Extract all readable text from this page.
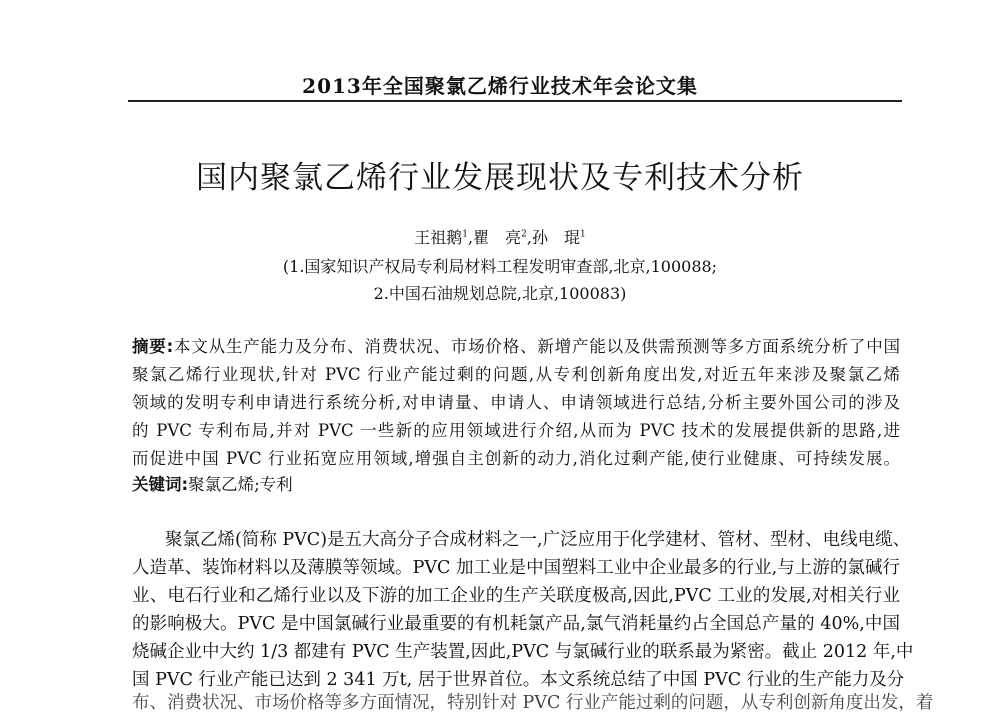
2013年全国聚氯乙烯行业技术年会论文集
国内聚氯乙烯行业发展现状及专利技术分析
王祖鹅$^1$,瞿　亮$^2$,孙　琨$^1$
(1.国家知识产权局专利局材料工程发明审查部,北京,100088;
2.中国石油规划总院,北京,100083)
摘要:本文从生产能力及分布、消费状况、市场价格、新增产能以及供需预测等多方面系统分析了中国
聚氯乙烯行业现状,针对 PVC 行业产能过剩的问题,从专利创新角度出发,对近五年来涉及聚氯乙烯
领域的发明专利申请进行系统分析,对申请量、申请人、申请领域进行总结,分析主要外国公司的涉及
的 PVC 专利布局,并对 PVC 一些新的应用领域进行介绍,从而为 PVC 技术的发展提供新的思路,进
而促进中国 PVC 行业拓宽应用领域,增强自主创新的动力,消化过剩产能,使行业健康、可持续发展。
关键词:聚氯乙烯;专利
聚氯乙烯(简称 PVC)是五大高分子合成材料之一,广泛应用于化学建材、管材、型材、电线电缆、
人造革、装饰材料以及薄膜等领域。PVC 加工业是中国塑料工业中企业最多的行业,与上游的氯碱行
业、电石行业和乙烯行业以及下游的加工企业的生产关联度极高,因此,PVC 工业的发展,对相关行业
的影响极大。PVC 是中国氯碱行业最重要的有机耗氯产品,氯气消耗量约占全国总产量的 40%,中国
烧碱企业中大约 1/3 都建有 PVC 生产装置,因此,PVC 与氯碱行业的联系最为紧密。截止 2012 年,中
国 PVC 行业产能已达到 2 341 万t, 居于世界首位。本文系统总结了中国 PVC 行业的生产能力及分
布、消费状况、市场价格等多方面情况，特别针对 PVC 行业产能过剩的问题，从专利创新角度出发，着
